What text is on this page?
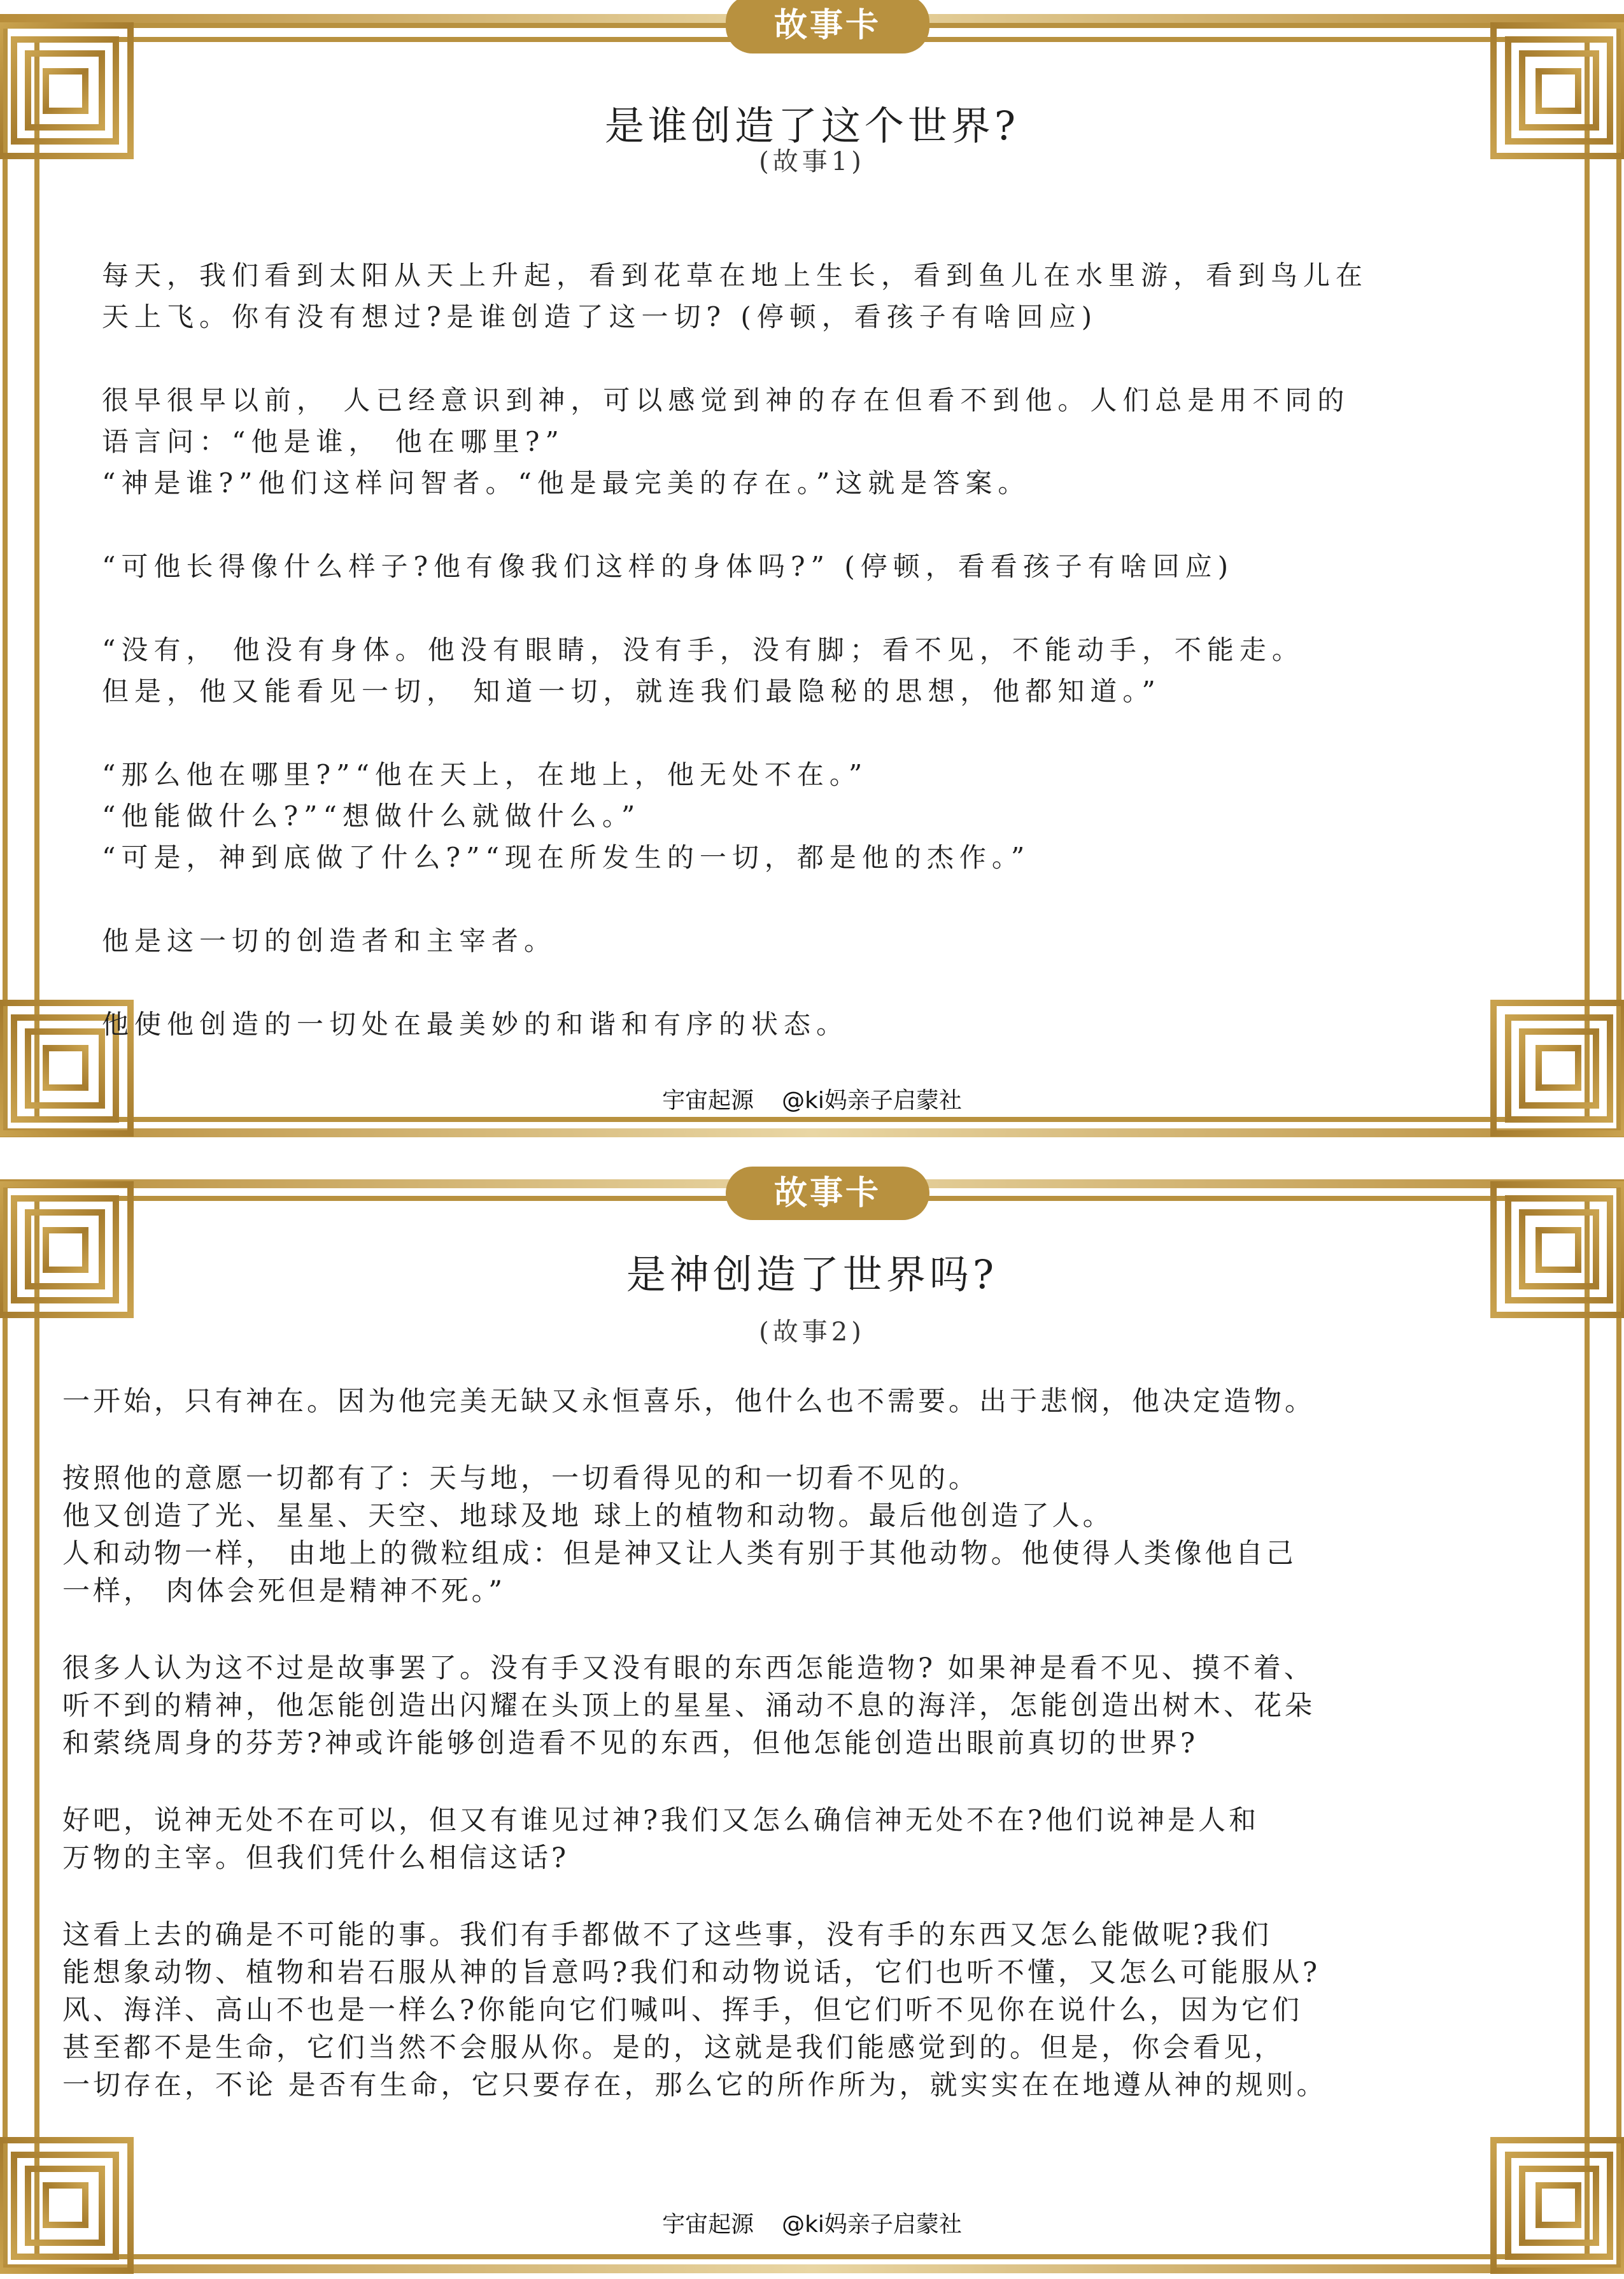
故事卡
是谁创造了这个世界?
(故事1)

每天，我们看到太阳从天上升起，看到花草在地上生长，看到鱼儿在水里游，看到鸟儿在
天上飞。你有没有想过?是谁创造了这一切? (停顿，看孩子有啥回应)

很早很早以前， 人已经意识到神，可以感觉到神的存在但看不到他。人们总是用不同的
语言问：“他是谁， 他在哪里?”
“神是谁?”他们这样问智者。“他是最完美的存在。”这就是答案。

“可他长得像什么样子?他有像我们这样的身体吗?” (停顿，看看孩子有啥回应)

“没有， 他没有身体。他没有眼睛，没有手，没有脚；看不见，不能动手，不能走。
但是，他又能看见一切， 知道一切，就连我们最隐秘的思想，他都知道。”

“那么他在哪里?”“他在天上，在地上，他无处不在。”
“他能做什么?”“想做什么就做什么。”
“可是，神到底做了什么?”“现在所发生的一切，都是他的杰作。”

他是这一切的创造者和主宰者。

他使他创造的一切处在最美妙的和谐和有序的状态。

宇宙起源 @ki妈亲子启蒙社
故事卡
是神创造了世界吗?
(故事2)

一开始，只有神在。因为他完美无缺又永恒喜乐，他什么也不需要。出于悲悯，他决定造物。

按照他的意愿一切都有了：天与地，一切看得见的和一切看不见的。
他又创造了光、星星、天空、地球及地 球上的植物和动物。最后他创造了人。
人和动物一样， 由地上的微粒组成：但是神又让人类有别于其他动物。他使得人类像他自己
一样， 肉体会死但是精神不死。”

很多人认为这不过是故事罢了。没有手又没有眼的东西怎能造物? 如果神是看不见、摸不着、
听不到的精神，他怎能创造出闪耀在头顶上的星星、涌动不息的海洋，怎能创造出树木、花朵
和萦绕周身的芬芳?神或许能够创造看不见的东西，但他怎能创造出眼前真切的世界?

好吧，说神无处不在可以，但又有谁见过神?我们又怎么确信神无处不在?他们说神是人和
万物的主宰。但我们凭什么相信这话?

这看上去的确是不可能的事。我们有手都做不了这些事，没有手的东西又怎么能做呢?我们
能想象动物、植物和岩石服从神的旨意吗?我们和动物说话，它们也听不懂，又怎么可能服从?
风、海洋、高山不也是一样么?你能向它们喊叫、挥手，但它们听不见你在说什么，因为它们
甚至都不是生命，它们当然不会服从你。是的，这就是我们能感觉到的。但是，你会看见，
一切存在，不论 是否有生命，它只要存在，那么它的所作所为，就实实在在地遵从神的规则。

宇宙起源 @ki妈亲子启蒙社
